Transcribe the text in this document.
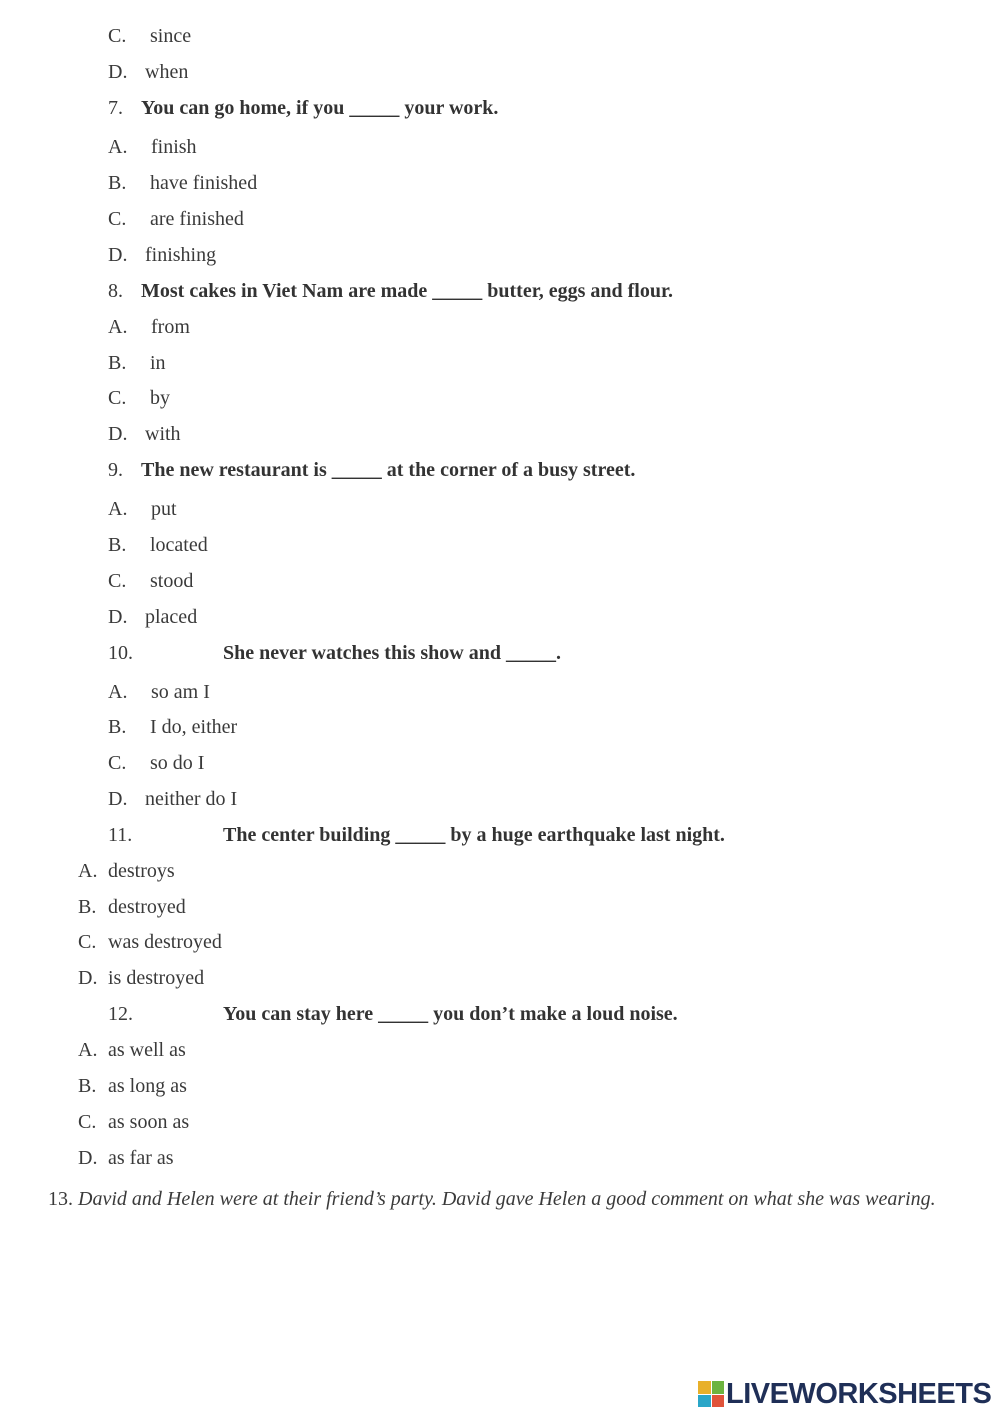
C. since
D. when
7. You can go home, if you _____ your work.
A. finish
B. have finished
C. are finished
D. finishing
8. Most cakes in Viet Nam are made _____ butter, eggs and flour.
A. from
B. in
C. by
D. with
9. The new restaurant is _____ at the corner of a busy street.
A. put
B. located
C. stood
D. placed
10.	She never watches this show and _____.
A. so am I
B. I do, either
C. so do I
D. neither do I
11.	The center building _____ by a huge earthquake last night.
A. destroys
B. destroyed
C. was destroyed
D. is destroyed
12.	You can stay here _____ you don’t make a loud noise.
A. as well as
B. as long as
C. as soon as
D. as far as
13. David and Helen were at their friend’s party. David gave Helen a good comment on what she was wearing.
LIVEWORKSHEETS
